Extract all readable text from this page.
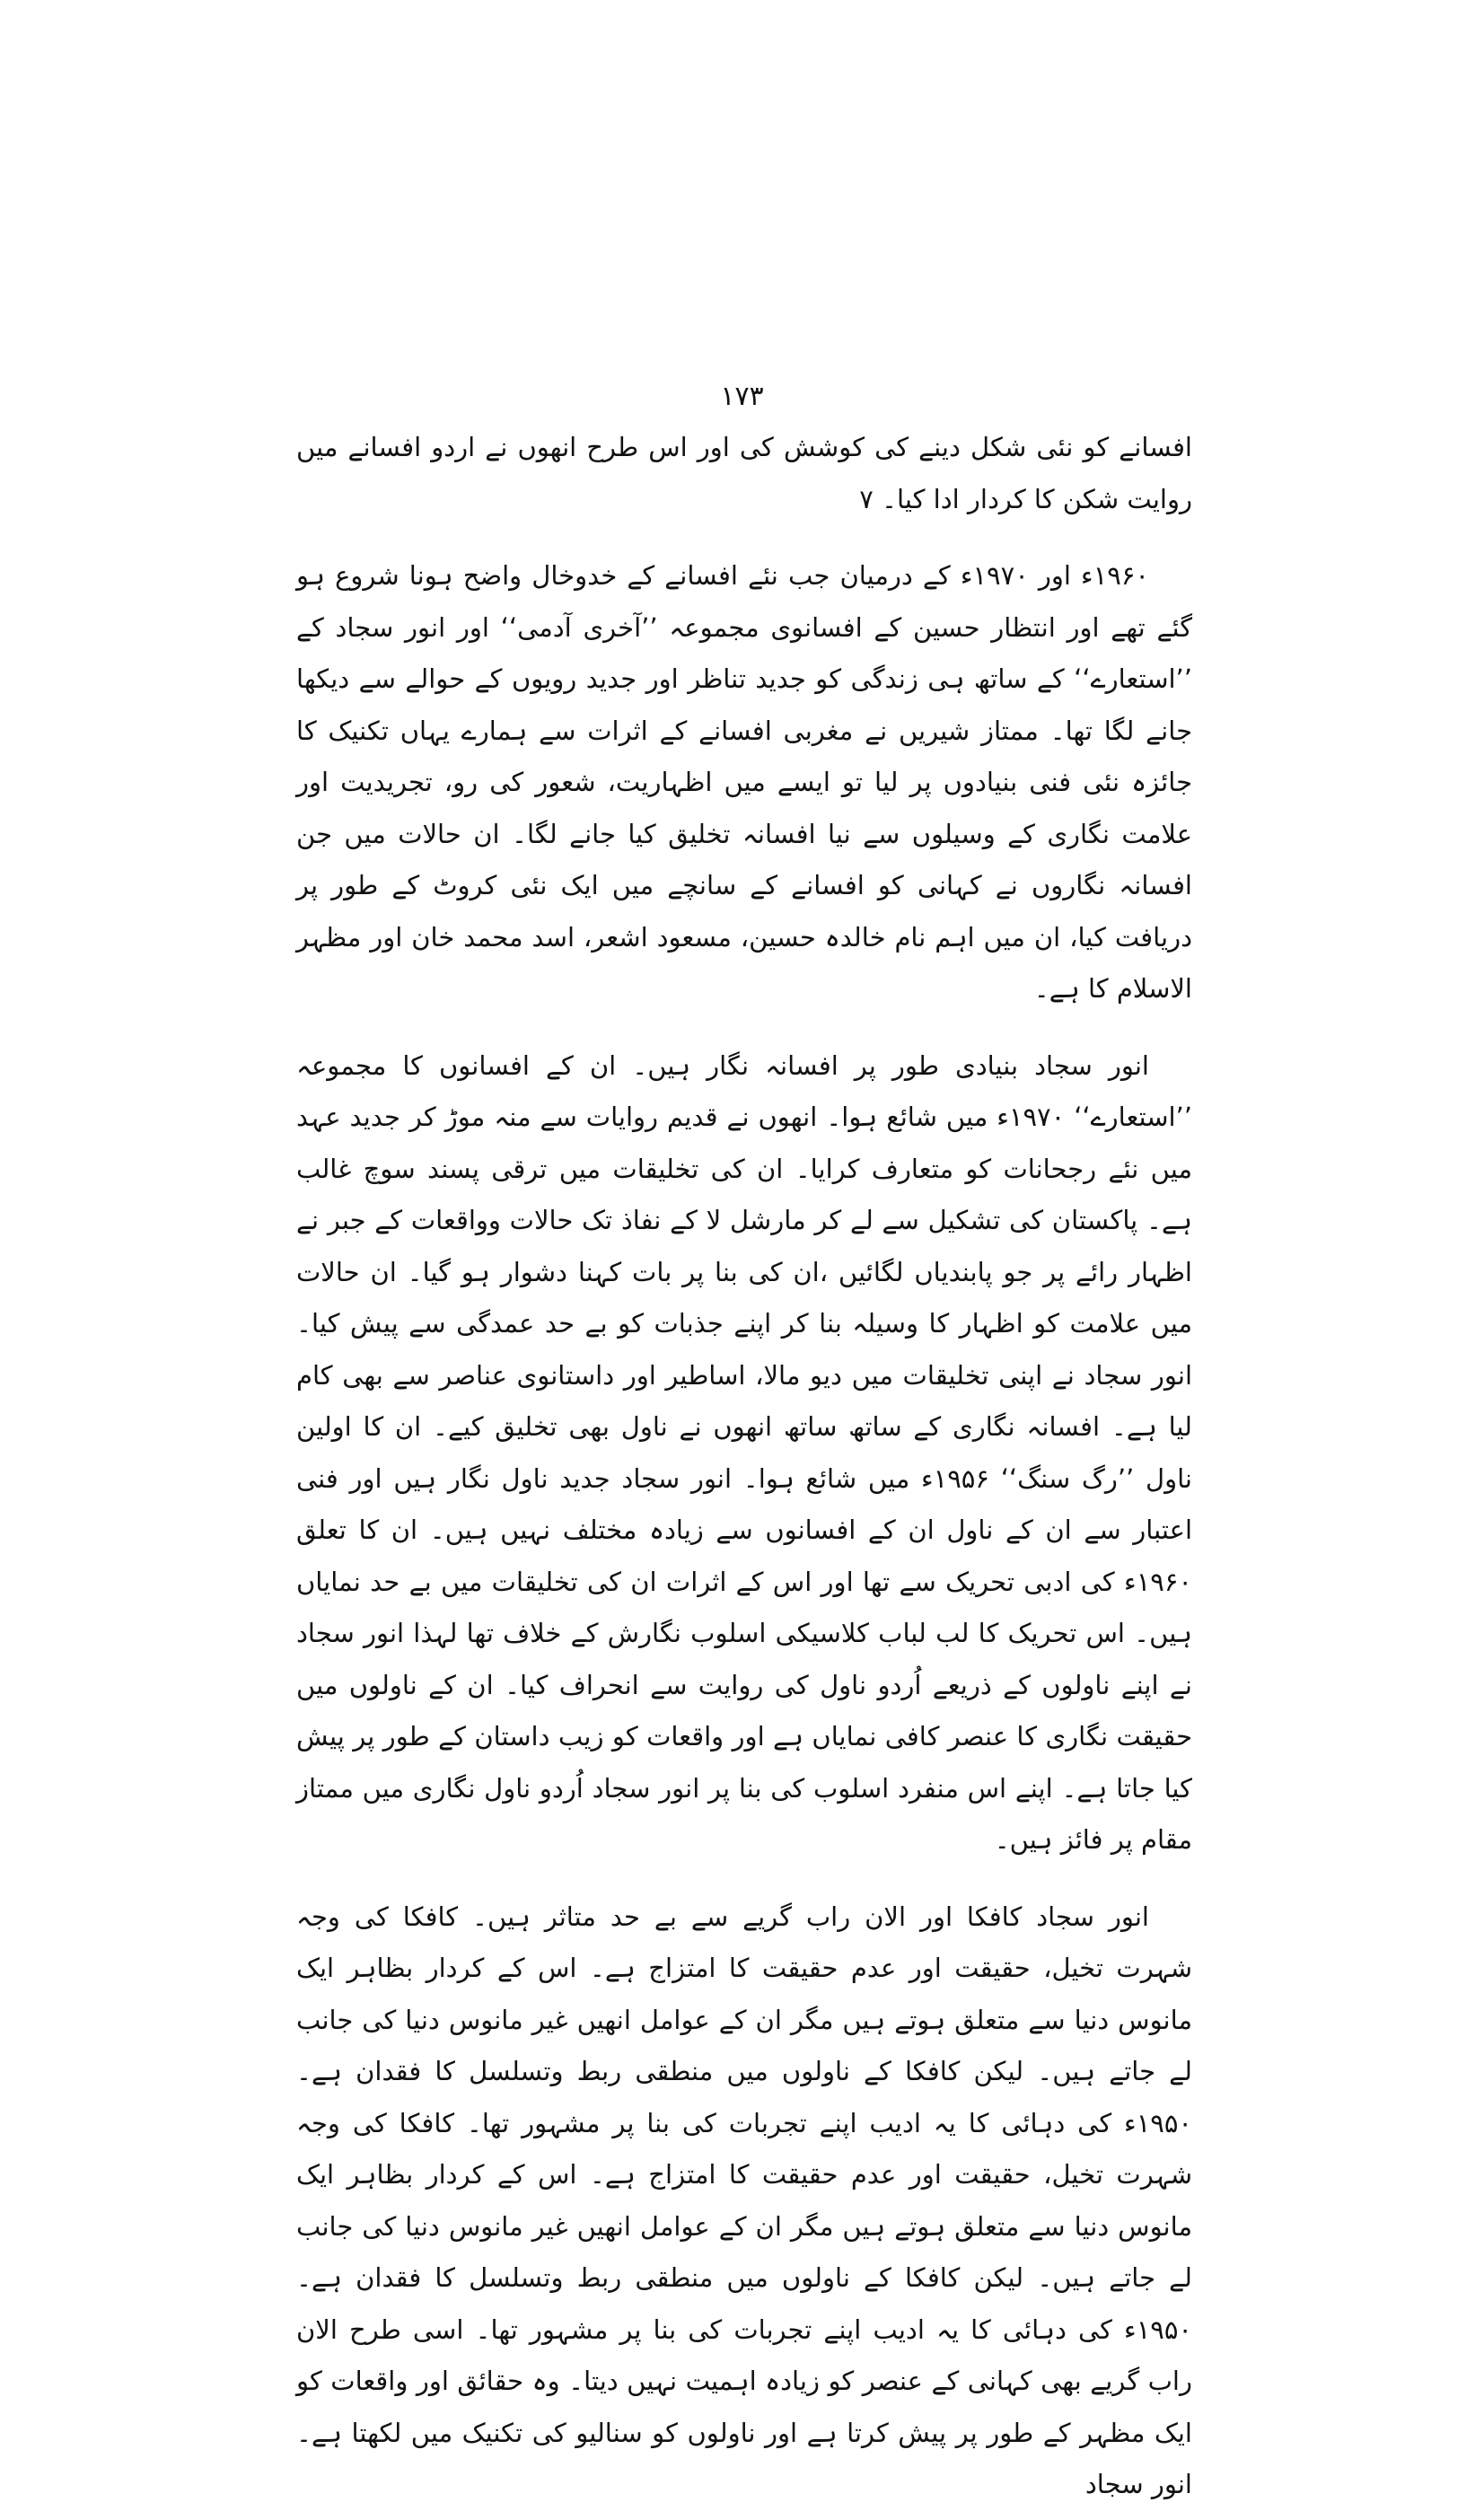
۱۷۳

افسانے کو نئی شکل دینے کی کوشش کی اور اس طرح انھوں نے اردو افسانے میں روایت شکن کا کردار ادا کیا۔ ۷

۱۹۶۰ء اور ۱۹۷۰ء کے درمیان جب نئے افسانے کے خدوخال واضح ہونا شروع ہو گئے تھے اور انتظار حسین کے افسانوی مجموعہ ’’آخری آدمی‘‘ اور انور سجاد کے ’’استعارے‘‘ کے ساتھ ہی زندگی کو جدید تناظر اور جدید رویوں کے حوالے سے دیکھا جانے لگا تھا۔ ممتاز شیریں نے مغربی افسانے کے اثرات سے ہمارے یہاں تکنیک کا جائزہ نئی فنی بنیادوں پر لیا تو ایسے میں اظہاریت، شعور کی رو، تجریدیت اور علامت نگاری کے وسیلوں سے نیا افسانہ تخلیق کیا جانے لگا۔ ان حالات میں جن افسانہ نگاروں نے کہانی کو افسانے کے سانچے میں ایک نئی کروٹ کے طور پر دریافت کیا، ان میں اہم نام خالدہ حسین، مسعود اشعر، اسد محمد خان اور مظہر الاسلام کا ہے۔

انور سجاد بنیادی طور پر افسانہ نگار ہیں۔ ان کے افسانوں کا مجموعہ ’’استعارے‘‘ ۱۹۷۰ء میں شائع ہوا۔ انھوں نے قدیم روایات سے منہ موڑ کر جدید عہد میں نئے رجحانات کو متعارف کرایا۔ ان کی تخلیقات میں ترقی پسند سوچ غالب ہے۔ پاکستان کی تشکیل سے لے کر مارشل لا کے نفاذ تک حالات وواقعات کے جبر نے اظہار رائے پر جو پابندیاں لگائیں ،ان کی بنا پر بات کہنا دشوار ہو گیا۔ ان حالات میں علامت کو اظہار کا وسیلہ بنا کر اپنے جذبات کو بے حد عمدگی سے پیش کیا۔ انور سجاد نے اپنی تخلیقات میں دیو مالا، اساطیر اور داستانوی عناصر سے بھی کام لیا ہے۔ افسانہ نگاری کے ساتھ ساتھ انھوں نے ناول بھی تخلیق کیے۔ ان کا اولین ناول ’’رگ سنگ‘‘ ۱۹۵۶ء میں شائع ہوا۔ انور سجاد جدید ناول نگار ہیں اور فنی اعتبار سے ان کے ناول ان کے افسانوں سے زیادہ مختلف نہیں ہیں۔ ان کا تعلق ۱۹۶۰ء کی ادبی تحریک سے تھا اور اس کے اثرات ان کی تخلیقات میں بے حد نمایاں ہیں۔ اس تحریک کا لب لباب کلاسیکی اسلوب نگارش کے خلاف تھا لہذا انور سجاد نے اپنے ناولوں کے ذریعے اُردو ناول کی روایت سے انحراف کیا۔ ان کے ناولوں میں حقیقت نگاری کا عنصر کافی نمایاں ہے اور واقعات کو زیب داستان کے طور پر پیش کیا جاتا ہے۔ اپنے اس منفرد اسلوب کی بنا پر انور سجاد اُردو ناول نگاری میں ممتاز مقام پر فائز ہیں۔

انور سجاد کافکا اور الان راب گریے سے بے حد متاثر ہیں۔ کافکا کی وجہ شہرت تخیل، حقیقت اور عدم حقیقت کا امتزاج ہے۔ اس کے کردار بظاہر ایک مانوس دنیا سے متعلق ہوتے ہیں مگر ان کے عوامل انھیں غیر مانوس دنیا کی جانب لے جاتے ہیں۔ لیکن کافکا کے ناولوں میں منطقی ربط وتسلسل کا فقدان ہے۔ ۱۹۵۰ء کی دہائی کا یہ ادیب اپنے تجربات کی بنا پر مشہور تھا۔ کافکا کی وجہ شہرت تخیل، حقیقت اور عدم حقیقت کا امتزاج ہے۔ اس کے کردار بظاہر ایک مانوس دنیا سے متعلق ہوتے ہیں مگر ان کے عوامل انھیں غیر مانوس دنیا کی جانب لے جاتے ہیں۔ لیکن کافکا کے ناولوں میں منطقی ربط وتسلسل کا فقدان ہے۔ ۱۹۵۰ء کی دہائی کا یہ ادیب اپنے تجربات کی بنا پر مشہور تھا۔ اسی طرح الان راب گریے بھی کہانی کے عنصر کو زیادہ اہمیت نہیں دیتا۔ وہ حقائق اور واقعات کو ایک مظہر کے طور پر پیش کرتا ہے اور ناولوں کو سنالیو کی تکنیک میں لکھتا ہے۔ انور سجاد
